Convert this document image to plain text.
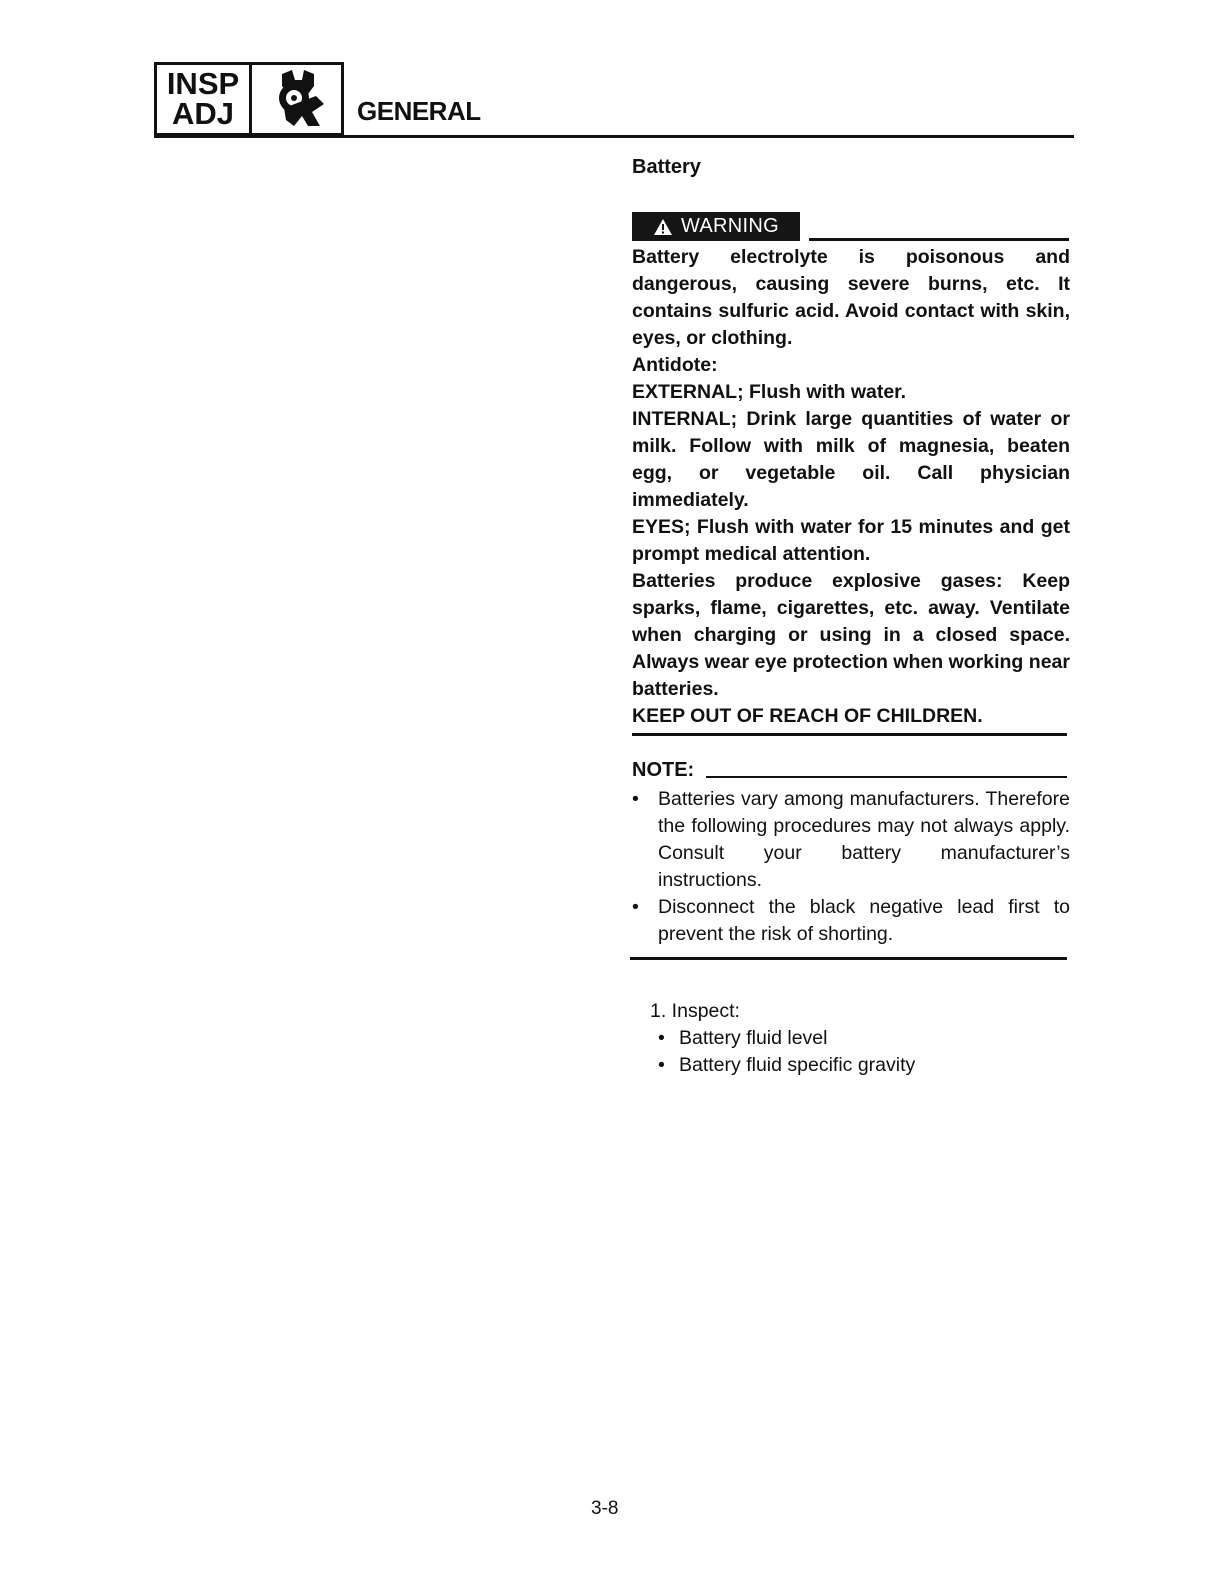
INSP
ADJ	GENERAL
Battery
WARNING

Battery electrolyte is poisonous and dangerous, causing severe burns, etc. It contains sulfuric acid. Avoid contact with skin, eyes, or clothing.

Antidote:

EXTERNAL; Flush with water.

INTERNAL; Drink large quantities of water or milk. Follow with milk of magnesia, beaten egg, or vegetable oil. Call physician immediately.

EYES; Flush with water for 15 minutes and get prompt medical attention.

Batteries produce explosive gases: Keep sparks, flame, cigarettes, etc. away. Ventilate when charging or using in a closed space. Always wear eye protection when working near batteries.

KEEP OUT OF REACH OF CHILDREN.

NOTE:
• Batteries vary among manufacturers. Therefore the following procedures may not always apply. Consult your battery manufacturer’s instructions.
• Disconnect the black negative lead first to prevent the risk of shorting.
1. Inspect:
• Battery fluid level
• Battery fluid specific gravity
3-8
